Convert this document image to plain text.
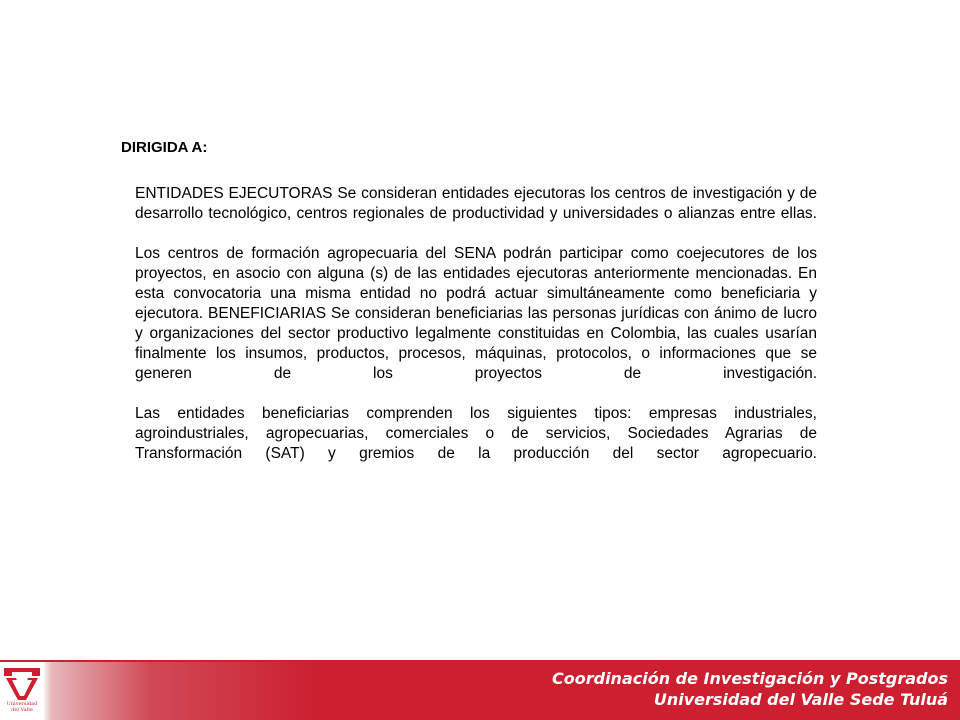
DIRIGIDA A:

ENTIDADES EJECUTORAS Se consideran entidades ejecutoras los centros de investigación y de desarrollo tecnológico, centros regionales de productividad y universidades o alianzas entre ellas.

Los centros de formación agropecuaria del SENA podrán participar como coejecutores de los proyectos, en asocio con alguna (s) de las entidades ejecutoras anteriormente mencionadas. En esta convocatoria una misma entidad no podrá actuar simultáneamente como beneficiaria y ejecutora. BENEFICIARIAS Se consideran beneficiarias las personas jurídicas con ánimo de lucro y organizaciones del sector productivo legalmente constituidas en Colombia, las cuales usarían finalmente los insumos, productos, procesos, máquinas, protocolos, o informaciones que se generen de los proyectos de investigación.

Las entidades beneficiarias comprenden los siguientes tipos: empresas industriales, agroindustriales, agropecuarias, comerciales o de servicios, Sociedades Agrarias de Transformación (SAT) y gremios de la producción del sector agropecuario.

Universidad
del Valle
Coordinación de Investigación y Postgrados
Universidad del Valle Sede Tuluá
